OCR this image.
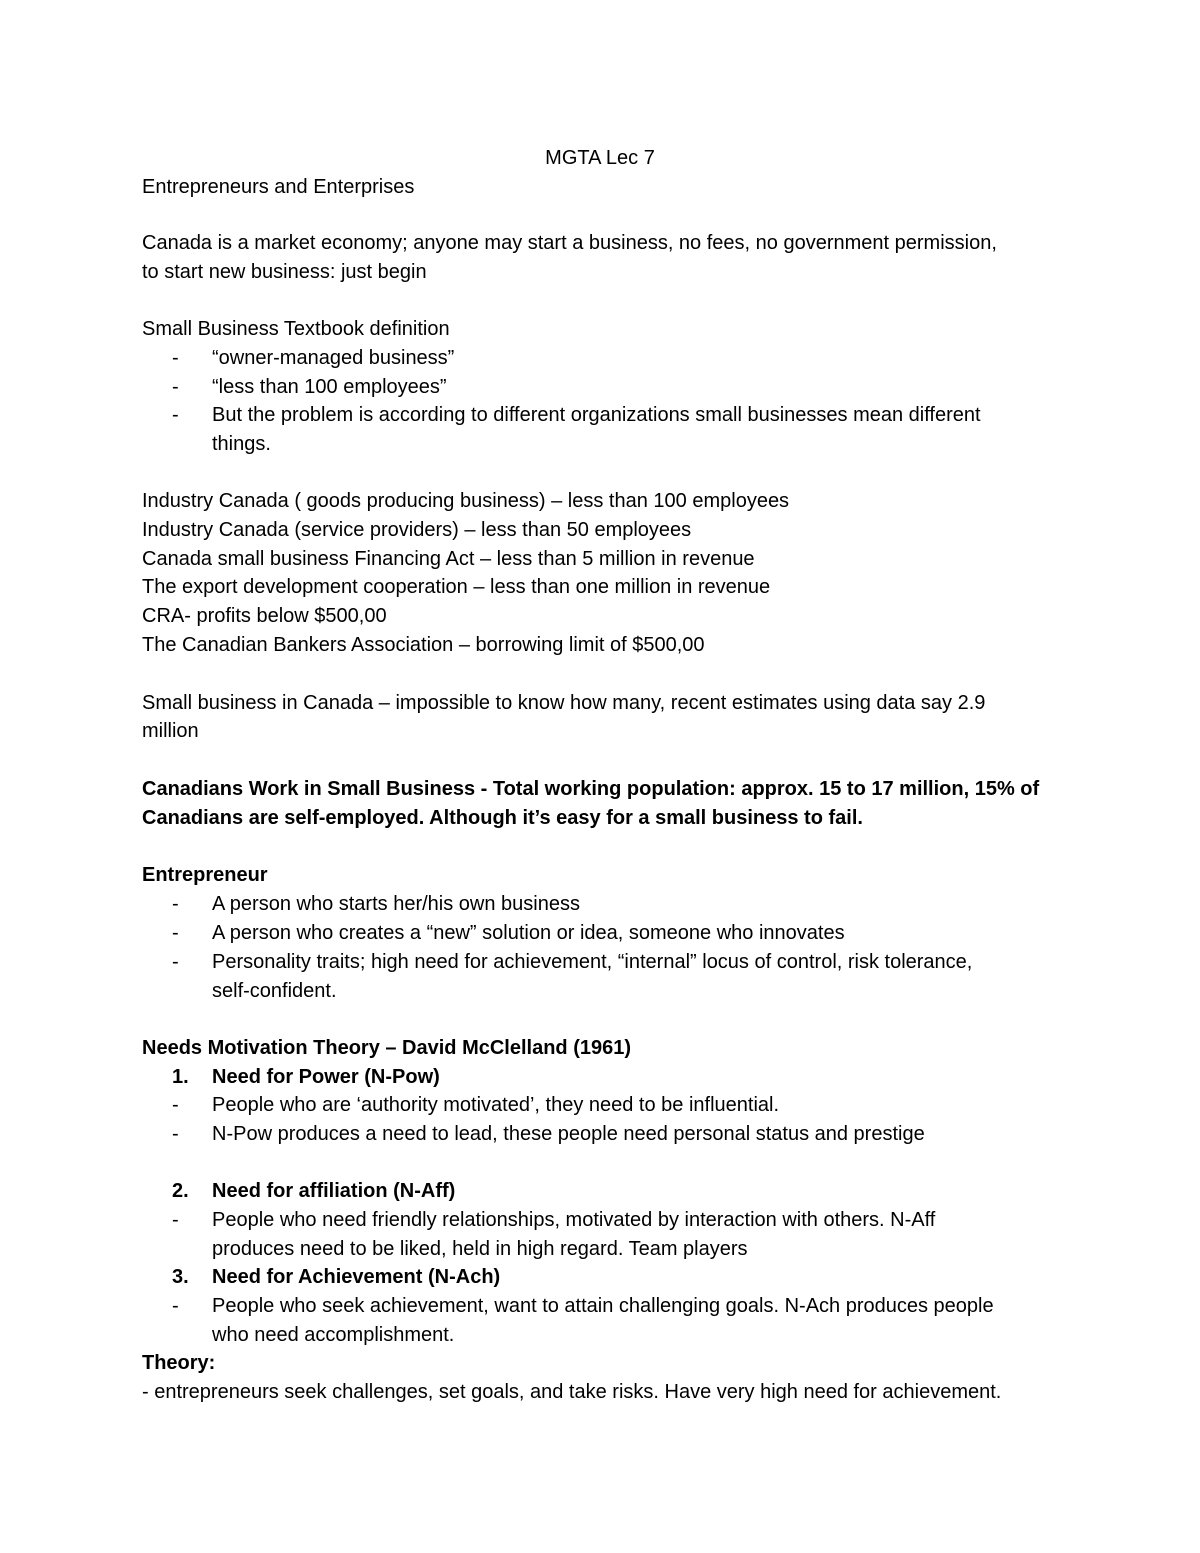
MGTA Lec 7
Entrepreneurs and Enterprises
Canada is a market economy; anyone may start a business, no fees, no government permission,
to start new business: just begin
Small Business Textbook definition
- “owner-managed business”
- “less than 100 employees”
- But the problem is according to different organizations small businesses mean different
things.
Industry Canada ( goods producing business) – less than 100 employees
Industry Canada (service providers) – less than 50 employees
Canada small business Financing Act – less than 5 million in revenue
The export development cooperation – less than one million in revenue
CRA- profits below $500,00
The Canadian Bankers Association – borrowing limit of $500,00
Small business in Canada – impossible to know how many, recent estimates using data say 2.9
million
Canadians Work in Small Business - Total working population: approx. 15 to 17 million, 15% of
Canadians are self-employed. Although it’s easy for a small business to fail.
Entrepreneur
- A person who starts her/his own business
- A person who creates a “new” solution or idea, someone who innovates
- Personality traits; high need for achievement, “internal” locus of control, risk tolerance,
self-confident.
Needs Motivation Theory – David McClelland (1961)
1. Need for Power (N-Pow)
- People who are ‘authority motivated’, they need to be influential.
- N-Pow produces a need to lead, these people need personal status and prestige
2. Need for affiliation (N-Aff)
- People who need friendly relationships, motivated by interaction with others. N-Aff
produces need to be liked, held in high regard. Team players
3. Need for Achievement (N-Ach)
- People who seek achievement, want to attain challenging goals. N-Ach produces people
who need accomplishment.
Theory:
- entrepreneurs seek challenges, set goals, and take risks. Have very high need for achievement.
